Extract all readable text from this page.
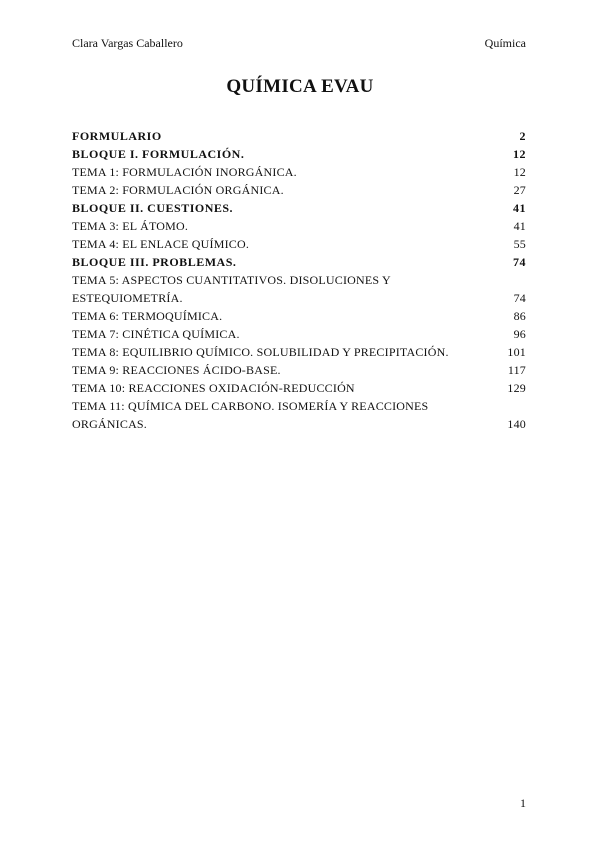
Clara Vargas Caballero	Química
QUÍMICA EVAU
FORMULARIO	2
BLOQUE I. FORMULACIÓN.	12
TEMA 1: FORMULACIÓN INORGÁNICA.	12
TEMA 2: FORMULACIÓN ORGÁNICA.	27
BLOQUE II. CUESTIONES.	41
TEMA 3: EL ÁTOMO.	41
TEMA 4: EL ENLACE QUÍMICO.	55
BLOQUE III. PROBLEMAS.	74
TEMA 5: ASPECTOS CUANTITATIVOS. DISOLUCIONES Y ESTEQUIOMETRÍA.	74
TEMA 6: TERMOQUÍMICA.	86
TEMA 7: CINÉTICA QUÍMICA.	96
TEMA 8: EQUILIBRIO QUÍMICO. SOLUBILIDAD Y PRECIPITACIÓN.	101
TEMA 9: REACCIONES ÁCIDO-BASE.	117
TEMA 10: REACCIONES OXIDACIÓN-REDUCCIÓN	129
TEMA 11: QUÍMICA DEL CARBONO. ISOMERÍA Y REACCIONES ORGÁNICAS.	140
1
